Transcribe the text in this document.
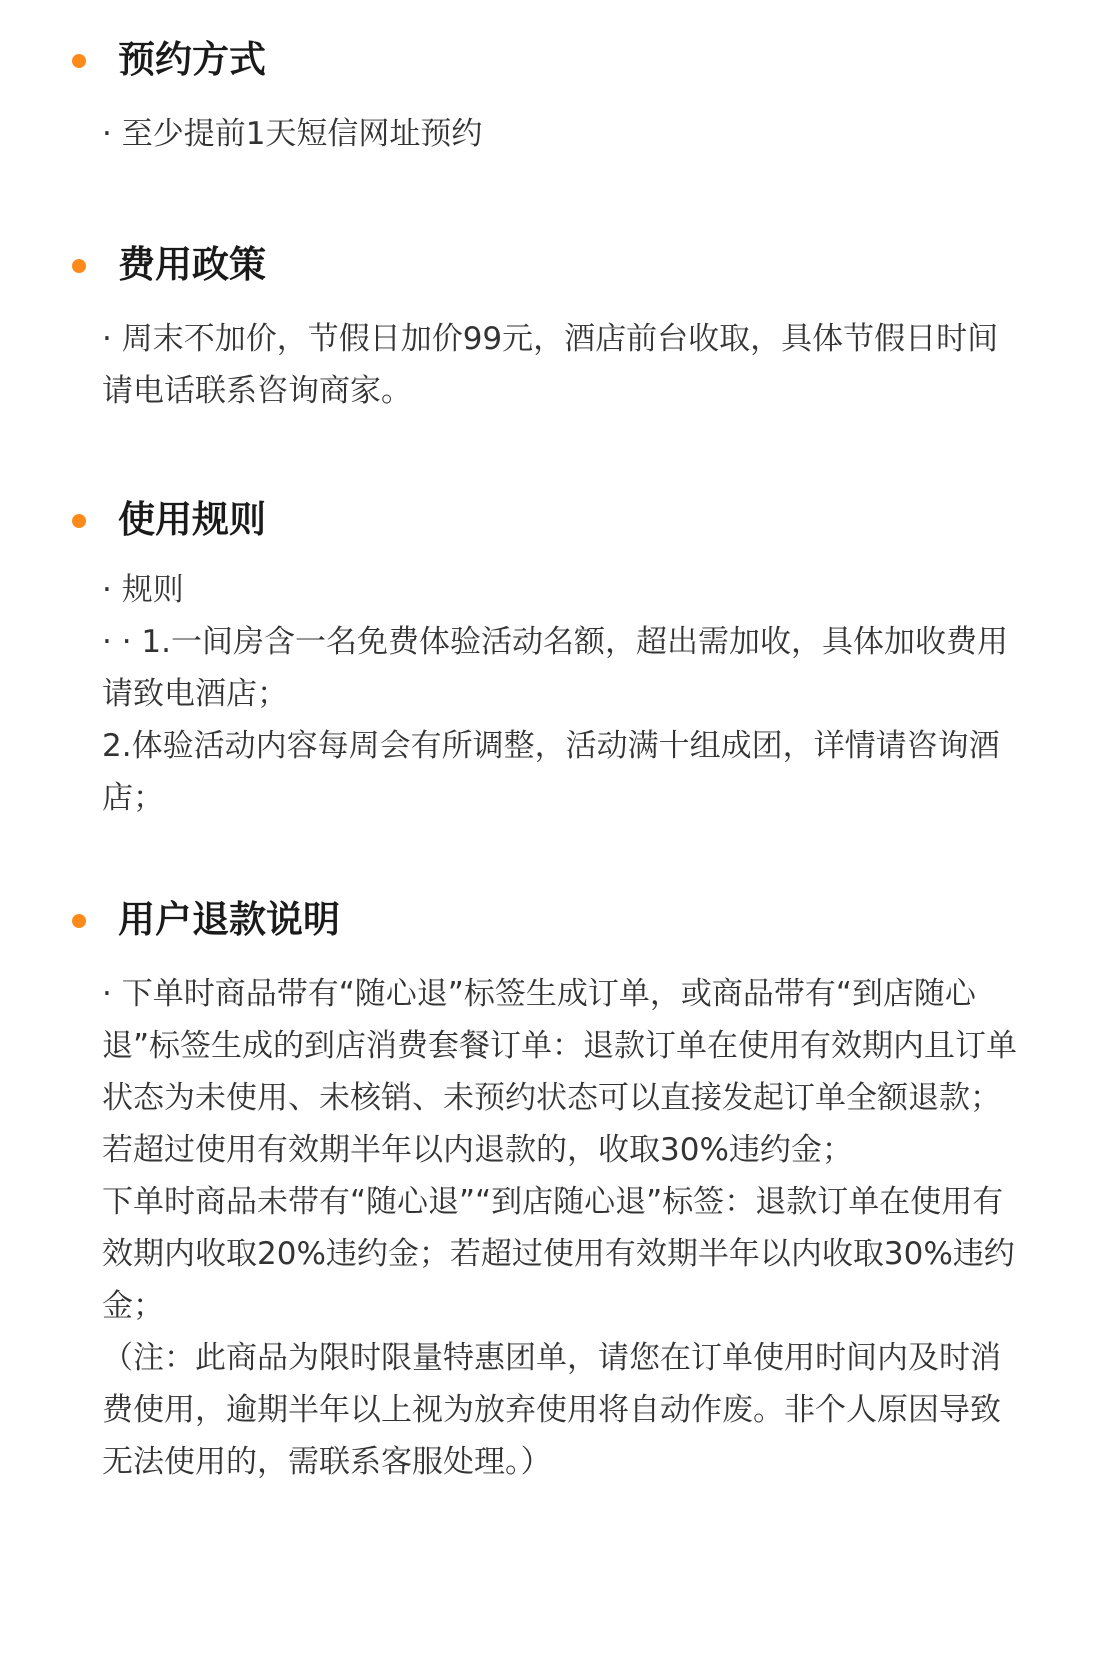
预约方式

· 至少提前1天短信网址预约

费用政策

· 周末不加价，节假日加价99元，酒店前台收取，具体节假日时间请电话联系咨询商家。

使用规则

· 规则

· · 1.一间房含一名免费体验活动名额，超出需加收，具体加收费用请致电酒店；

2.体验活动内容每周会有所调整，活动满十组成团，详情请咨询酒店；

用户退款说明

· 下单时商品带有“随心退”标签生成订单，或商品带有“到店随心退”标签生成的到店消费套餐订单：退款订单在使用有效期内且订单状态为未使用、未核销、未预约状态可以直接发起订单全额退款；若超过使用有效期半年以内退款的，收取30%违约金；

下单时商品未带有“随心退”“到店随心退”标签：退款订单在使用有效期内收取20%违约金；若超过使用有效期半年以内收取30%违约金；

（注：此商品为限时限量特惠团单，请您在订单使用时间内及时消费使用，逾期半年以上视为放弃使用将自动作废。非个人原因导致无法使用的，需联系客服处理。）
